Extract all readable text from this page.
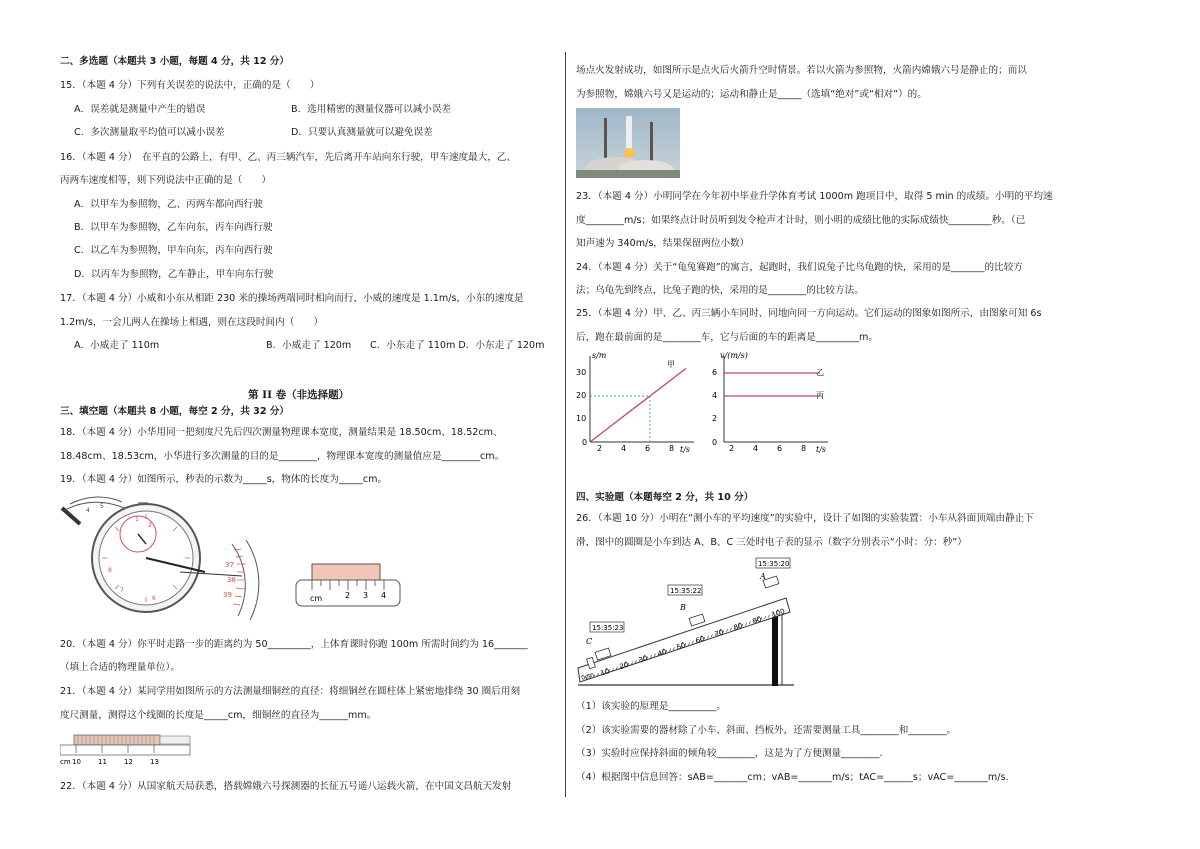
二、多选题（本题共 3 小题，每题 4 分，共 12 分）
15．（本题 4 分）下列有关误差的说法中，正确的是（　　）
A．误差就是测量中产生的错误	B．选用精密的测量仪器可以减小误差
C．多次测量取平均值可以减小误差	D．只要认真测量就可以避免误差
16．（本题 4 分）　在平直的公路上，有甲、乙、丙三辆汽车，先后离开车站向东行驶，甲车速度最大，乙、
丙两车速度相等，则下列说法中正确的是（　　）
A．以甲车为参照物，乙、丙两车都向西行驶
B．以甲车为参照物，乙车向东，丙车向西行驶
C．以乙车为参照物，甲车向东，丙车向西行驶
D．以丙车为参照物，乙车静止，甲车向东行驶
17．（本题 4 分）小威和小东从相距 230 米的操场两端同时相向而行，小威的速度是 1.1m/s，小东的速度是
1.2m/s，一会儿两人在操场上相遇，则在这段时间内（　　）
A．小威走了 110m	B．小威走了 120m C．小东走了 110m D．小东走了 120m
第 II 卷（非选择题）
三、填空题（本题共 8 小题，每空 2 分，共 32 分）
18．（本题 4 分）小华用同一把刻度尺先后四次测量物理课本宽度，测量结果是 18.50cm、18.52cm、
18.48cm、18.53cm，小华进行多次测量的目的是________，物理课本宽度的测量值应是________cm。
19．（本题 4 分）如图所示，秒表的示数为_____s，物体的长度为_____cm。
4
5
1
2
6
7
8
37
38
39	cm	2 3 4
20．（本题 4 分）你平时走路一步的距离约为 50_________，上体育课时你跑 100m 所需时间约为 16_______
（填上合适的物理量单位）。
21．（本题 4 分）某同学用如图所示的方法测量细铜丝的直径：将细铜丝在圆柱体上紧密地排绕 30 圈后用刻
度尺测量，测得这个线圈的长度是_____cm，细铜丝的直径为______mm。
cm 10 11 12 13
22．（本题 4 分）从国家航天局获悉，搭载嫦娥六号探测器的长征五号遥八运载火箭，在中国文昌航天发射
场点火发射成功，如图所示是点火后火箭升空时情景。若以火箭为参照物，火箭内嫦娥六号是静止的；而以
为参照物，嫦娥六号又是运动的；运动和静止是_____（选填“绝对”或“相对”）的。
23．（本题 4 分）小明同学在今年初中毕业升学体育考试 1000m 跑项目中，取得 5 min 的成绩。小明的平均速
度________m/s；如果终点计时员听到发令枪声才计时，则小明的成绩比他的实际成绩快_________秒。（已
知声速为 340m/s，结果保留两位小数）
24．（本题 4 分）关于“龟兔赛跑”的寓言，起跑时，我们说兔子比乌龟跑的快，采用的是_______的比较方
法；乌龟先到终点，比兔子跑的快，采用的是________的比较方法。
25．（本题 4 分）甲、乙、丙三辆小车同时、同地向同一方向运动。它们运动的图象如图所示，由图象可知 6s
后，跑在最前面的是________车，它与后面的车的距离是_________m。
s/m
t/s
30
20
10
0
2 4 6 8
甲
v/(m/s)
t/s
6
4
2
0
2 4 6 8
乙
丙
四、实验题（本题每空 2 分，共 10 分）
26．（本题 10 分）小明在“测小车的平均速度”的实验中，设计了如图的实验装置：小车从斜面顶端由静止下
滑，图中的圆圈是小车到达 A、B、C 三处时电子表的显示（数字分别表示“小时：分：秒”）
0cm 10
20
30
40
50
60
70
80
90
100
15:35:23
15:35:22
15:35:20
C
B
A
（1）该实验的原理是__________。
（2）该实验需要的器材除了小车、斜面、挡板外，还需要测量工具________和________。
（3）实验时应保持斜面的倾角较________，这是为了方便测量________.
（4）根据图中信息回答：sAB=_______cm；vAB=_______m/s；tAC=______s；vAC=_______m/s.
